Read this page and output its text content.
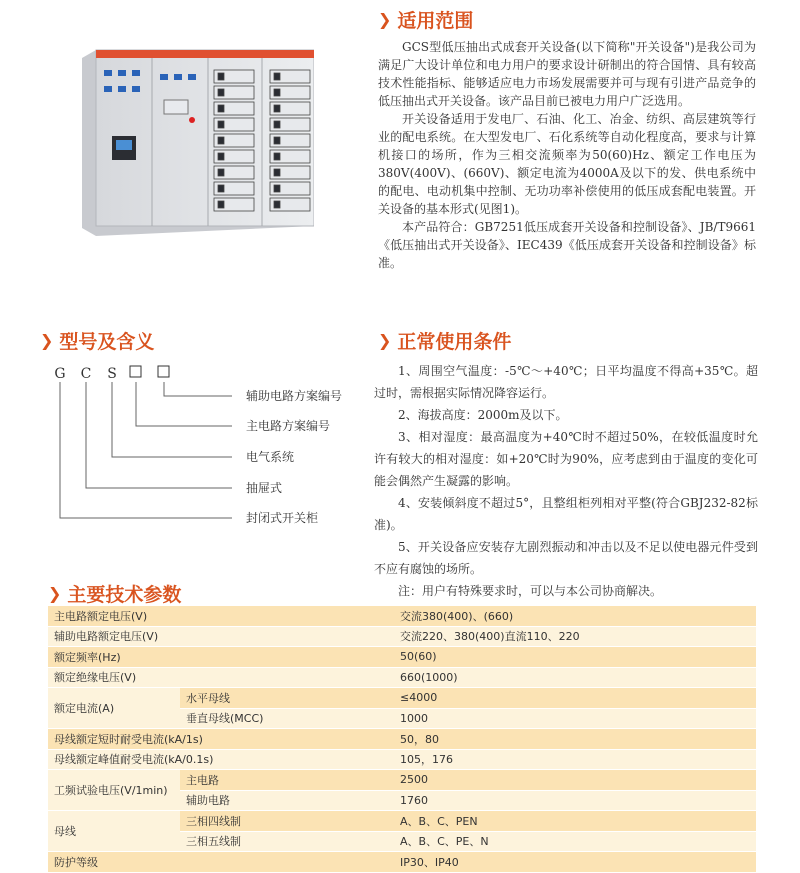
❯ 适用范围

GCS型低压抽出式成套开关设备(以下简称"开关设备")是我公司为满足广大设计单位和电力用户的要求设计研制出的符合国情、具有较高技术性能指标、能够适应电力市场发展需要并可与现有引进产品竞争的低压抽出式开关设备。该产品目前已被电力用户广泛选用。

开关设备适用于发电厂、石油、化工、冶金、纺织、高层建筑等行业的配电系统。在大型发电厂、石化系统等自动化程度高，要求与计算机接口的场所，作为三相交流频率为50(60)Hz、额定工作电压为380V(400V)、(660V)、额定电流为4000A及以下的发、供电系统中的配电、电动机集中控制、无功功率补偿使用的低压成套配电装置。开关设备的基本形式(见图1)。

本产品符合：GB7251低压成套开关设备和控制设备》、JB/T9661《低压抽出式开关设备》、IEC439《低压成套开关设备和控制设备》标准。

❯ 型号及含义
G C S
辅助电路方案编号
主电路方案编号
电气系统
抽屉式
封闭式开关柜
❯ 正常使用条件

1、周围空气温度：-5℃～+40℃；日平均温度不得高+35℃。超过时，需根据实际情况降容运行。

2、海拔高度：2000m及以下。

3、相对湿度：最高温度为+40℃时不超过50%，在较低温度时允许有较大的相对湿度：如+20℃时为90%，应考虑到由于温度的变化可能会偶然产生凝露的影响。

4、安装倾斜度不超过5°，且整组柜列相对平整(符合GBJ232-82标准)。

5、开关设备应安装存尢剧烈振动和冲击以及不足以使电器元件受到不应有腐蚀的场所。

注：用户有特殊要求时，可以与本公司协商解决。

❯ 主要技术参数
主电路额定电压(V)		交流380(400)、(660)
辅助电路额定电压(V)		交流220、380(400)直流110、220
额定频率(Hz)		50(60)
额定绝缘电压(V)		660(1000)
额定电流(A)	水平母线	≤4000
	垂直母线(MCC)	1000
母线额定短时耐受电流(kA/1s)		50，80
母线额定峰值耐受电流(kA/0.1s)		105，176
工频试验电压(V/1min)	主电路	2500
	辅助电路	1760
母线	三相四线制	A、B、C、PEN
	三相五线制	A、B、C、PE、N
防护等级		IP30、IP40
